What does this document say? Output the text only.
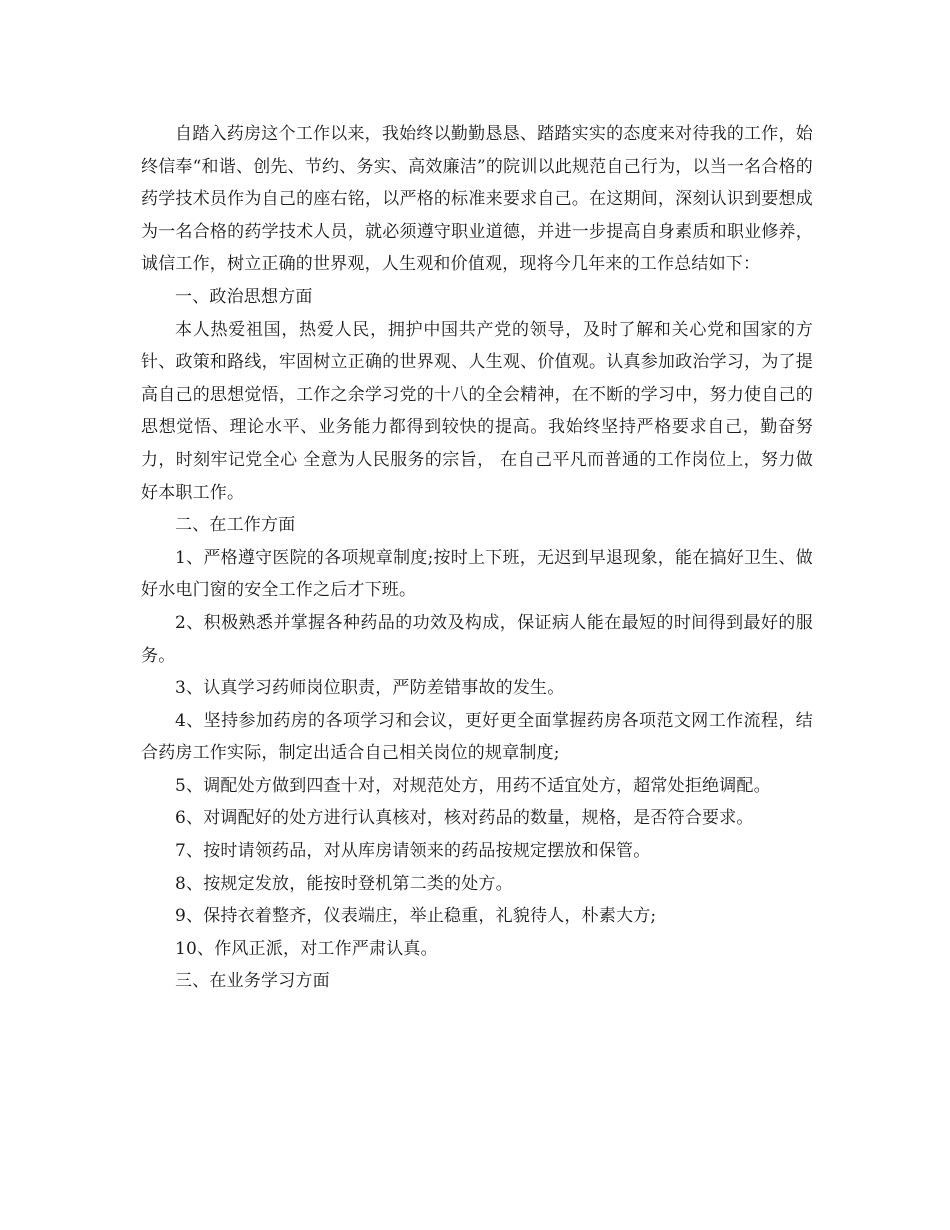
自踏入药房这个工作以来，我始终以勤勤恳恳、踏踏实实的态度来对待我的工作，始终信奉“和谐、创先、节约、务实、高效廉洁”的院训以此规范自己行为，以当一名合格的药学技术员作为自己的座右铭，以严格的标准来要求自己。在这期间，深刻认识到要想成为一名合格的药学技术人员，就必须遵守职业道德，并进一步提高自身素质和职业修养，诚信工作，树立正确的世界观，人生观和价值观，现将今几年来的工作总结如下：

一、政治思想方面

本人热爱祖国，热爱人民，拥护中国共产党的领导，及时了解和关心党和国家的方针、政策和路线，牢固树立正确的世界观、人生观、价值观。认真参加政治学习，为了提高自己的思想觉悟，工作之余学习党的十八的全会精神，在不断的学习中，努力使自己的思想觉悟、理论水平、业务能力都得到较快的提高。我始终坚持严格要求自己，勤奋努力，时刻牢记党全心 全意为人民服务的宗旨， 在自己平凡而普通的工作岗位上，努力做好本职工作。

二、在工作方面

1、严格遵守医院的各项规章制度;按时上下班，无迟到早退现象，能在搞好卫生、做好水电门窗的安全工作之后才下班。

2、积极熟悉并掌握各种药品的功效及构成，保证病人能在最短的时间得到最好的服务。

3、认真学习药师岗位职责，严防差错事故的发生。

4、坚持参加药房的各项学习和会议，更好更全面掌握药房各项范文网工作流程，结合药房工作实际，制定出适合自己相关岗位的规章制度;

5、调配处方做到四查十对，对规范处方，用药不适宜处方，超常处拒绝调配。

6、对调配好的处方进行认真核对，核对药品的数量，规格，是否符合要求。

7、按时请领药品，对从库房请领来的药品按规定摆放和保管。

8、按规定发放，能按时登机第二类的处方。

9、保持衣着整齐，仪表端庄，举止稳重，礼貌待人，朴素大方;

10、作风正派，对工作严肃认真。

三、在业务学习方面
